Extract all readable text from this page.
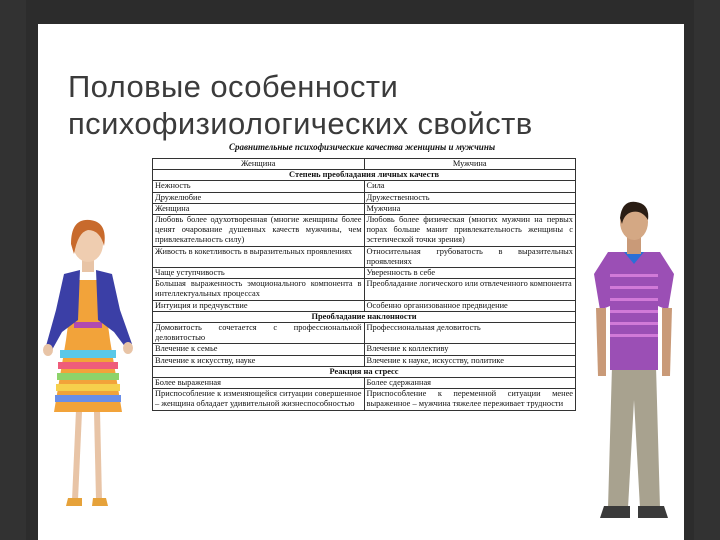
Половые особенности
психофизиологических свойств
Сравнительные психофизические качества женщины и мужчины
Женщина	Мужчина
Степень преобладания личных качеств	
Нежность	Сила
Дружелюбие	Дружественность
Женщина	Мужчина
Любовь более одухотворенная (многие женщины более ценят очарование душевных качеств мужчины, чем привлекательность силу)	Любовь более физическая (многих мужчин на первых порах больше манит привлекательность женщины с эстетической точки зрения)
Живость в кокетливость в выразительных проявлениях	Относительная грубоватость в выразительных проявлениях
Чаще уступчивость	Уверенность в себе
Большая выраженность эмоционального компонента в интеллектуальных процессах	Преобладание логического или отвлеченного компонента
Интуиция и предчувствие	Особенно организованное предвидение
Преобладание наклонности	
Домовитость сочетается с профессиональной деловитостью	Профессиональная деловитость
Влечение к семье	Влечение к коллективу
Влечение к искусству, науке	Влечение к науке, искусству, политике
Реакция на стресс	
Более выраженная	Более сдержанная
Приспособление к изменяющейся ситуации совершенное – женщина обладает удивительной жизнеспособностью	Приспособление к переменной ситуации менее выраженное – мужчина тяжелее переживает трудности
